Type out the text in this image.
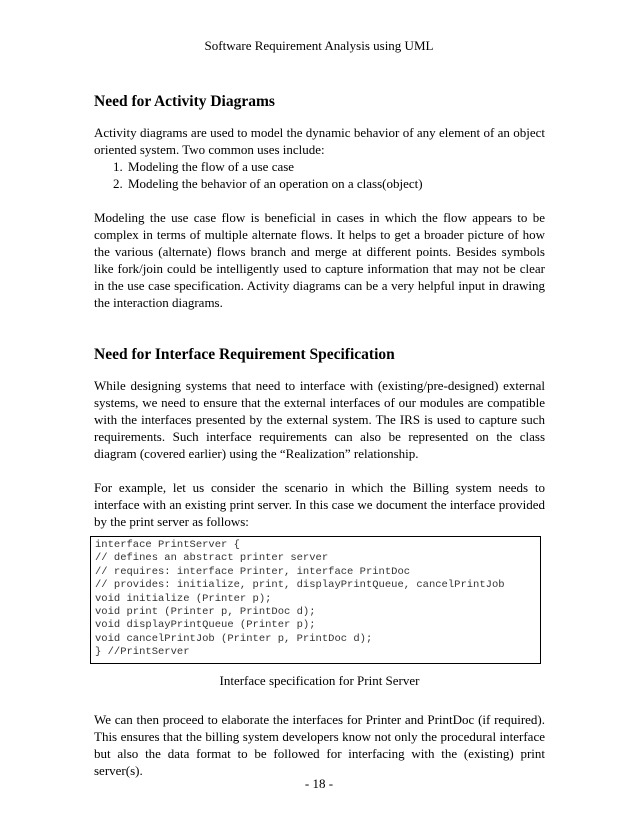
Software Requirement Analysis using UML
Need for Activity Diagrams

Activity diagrams are used to model the dynamic behavior of any element of an object oriented system. Two common uses include:

1. Modeling the flow of a use case
2. Modeling the behavior of an operation on a class(object)

Modeling the use case flow is beneficial in cases in which the flow appears to be complex in terms of multiple alternate flows. It helps to get a broader picture of how the various (alternate) flows branch and merge at different points. Besides symbols like fork/join could be intelligently used to capture information that may not be clear in the use case specification. Activity diagrams can be a very helpful input in drawing the interaction diagrams.

Need for Interface Requirement Specification

While designing systems that need to interface with (existing/pre-designed) external systems, we need to ensure that the external interfaces of our modules are compatible with the interfaces presented by the external system. The IRS is used to capture such requirements. Such interface requirements can also be represented on the class diagram (covered earlier) using the “Realization” relationship.

For example, let us consider the scenario in which the Billing system needs to interface with an existing print server. In this case we document the interface provided by the print server as follows:

interface PrintServer {
// defines an abstract printer server
// requires: interface Printer, interface PrintDoc
// provides: initialize, print, displayPrintQueue, cancelPrintJob
void initialize (Printer p);
void print (Printer p, PrintDoc d);
void displayPrintQueue (Printer p);
void cancelPrintJob (Printer p, PrintDoc d);
} //PrintServer
Interface specification for Print Server

We can then proceed to elaborate the interfaces for Printer and PrintDoc (if required). This ensures that the billing system developers know not only the procedural interface but also the data format to be followed for interfacing with the (existing) print server(s).

- 18 -
